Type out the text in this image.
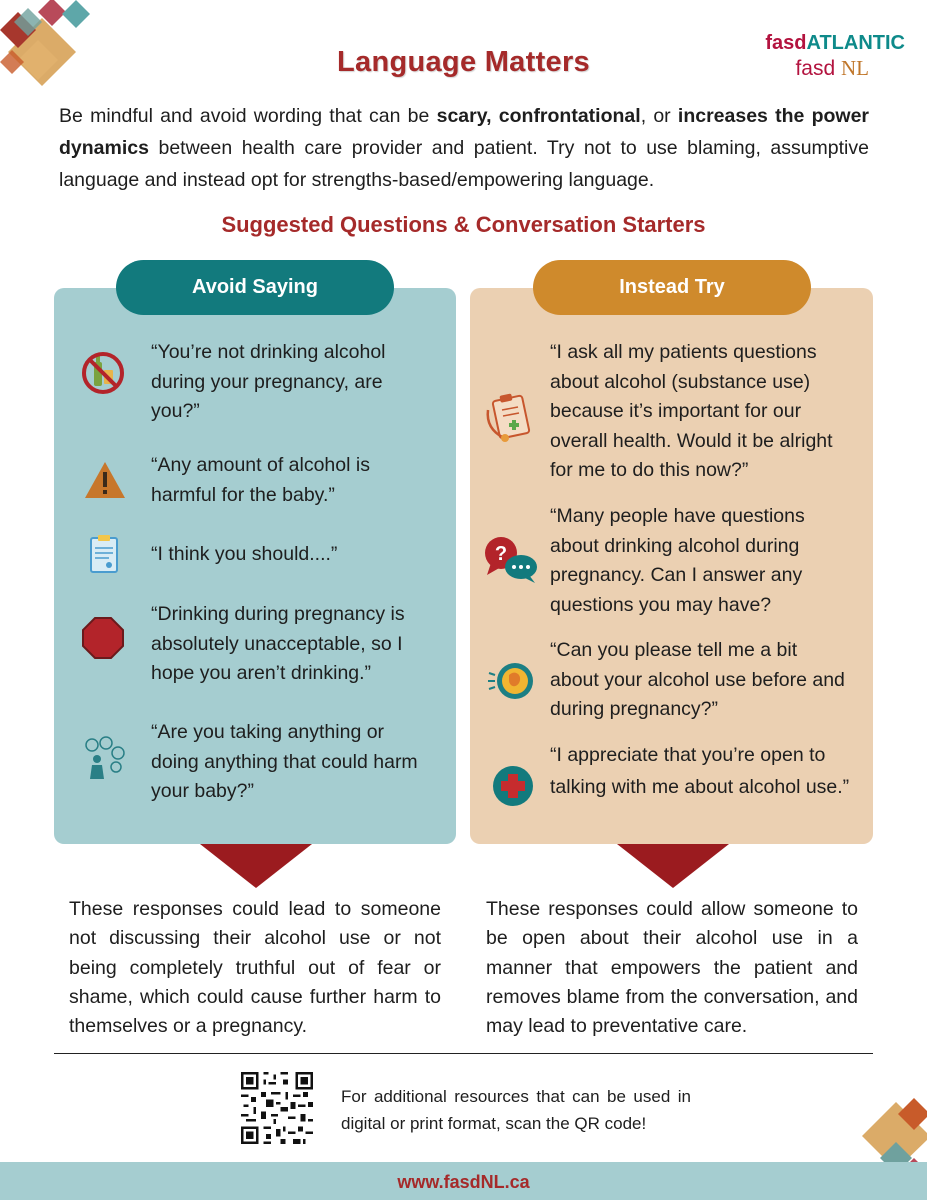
Language Matters
fasdATLANTIC
fasd NL
Be mindful and avoid wording that can be scary, confrontational, or increases the power dynamics between health care provider and patient. Try not to use blaming, assumptive language and instead opt for strengths-based/empowering language.
Suggested Questions & Conversation Starters
Avoid Saying
“You’re not drinking alcohol during your pregnancy, are you?”
“Any amount of alcohol is harmful for the baby.”
“I think you should....”
“Drinking during pregnancy is absolutely unacceptable, so I hope you aren’t drinking.”
“Are you taking anything or doing anything that could harm your baby?”
Instead Try
?
“I ask all my patients questions about alcohol (substance use) because it’s important for our overall health. Would it be alright for me to do this now?”
“Many people have questions about drinking alcohol during pregnancy. Can I answer any questions you may have?
“Can you please tell me a bit about your alcohol use before and during pregnancy?”
“I appreciate that you’re open to talking with me about alcohol use.”
These responses could lead to someone not discussing their alcohol use or not being completely truthful out of fear or shame, which could cause further harm to themselves or a pregnancy.
These responses could allow someone to be open about their alcohol use in a manner that empowers the patient and removes blame from the conversation, and may lead to preventative care.
For additional resources that can be used in digital or print format, scan the QR code!
www.fasdNL.ca
